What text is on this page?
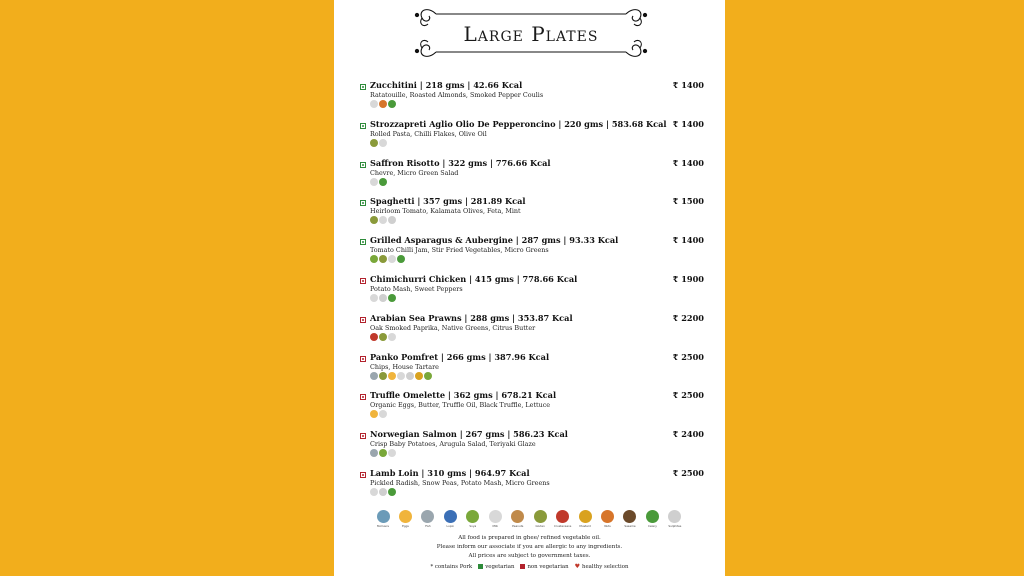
Large Plates
Zucchitini | 218 gms | 42.66 Kcal
Ratatouille, Roasted Almonds, Smoked Pepper Coulis
₹ 1400
Strozzapreti Aglio Olio De Pepperoncino | 220 gms | 583.68 Kcal
Rolled Pasta, Chilli Flakes, Olive Oil
₹ 1400
Saffron Risotto | 322 gms | 776.66 Kcal
Chevre, Micro Green Salad
₹ 1400
Spaghetti | 357 gms | 281.89 Kcal
Heirloom Tomato, Kalamata Olives, Feta, Mint
₹ 1500
Grilled Asparagus & Aubergine | 287 gms | 93.33 Kcal
Tomato Chilli Jam, Stir Fried Vegetables, Micro Greens
₹ 1400
Chimichurri Chicken | 415 gms | 778.66 Kcal
Potato Mash, Sweet Peppers
₹ 1900
Arabian Sea Prawns | 288 gms | 353.87 Kcal
Oak Smoked Paprika, Native Greens, Citrus Butter
₹ 2200
Panko Pomfret | 266 gms | 387.96 Kcal
Chips, House Tartare
₹ 2500
Truffle Omelette | 362 gms | 678.21 Kcal
Organic Eggs, Butter, Truffle Oil, Black Truffle, Lettuce
₹ 2500
Norwegian Salmon | 267 gms | 586.23 Kcal
Crisp Baby Potatoes, Arugula Salad, Teriyaki Glaze
₹ 2400
Lamb Loin | 310 gms | 964.97 Kcal
Pickled Radish, Snow Peas, Potato Mash, Micro Greens
₹ 2500
Molluscs	Eggs	Fish	Lupin	Soya	Milk	Peanuts	Gluten	Crustaceans	Mustard	Nuts	Sesame	Celery	Sulphites
All food is prepared in ghee/ refined vegetable oil.
Please inform our associate if you are allergic to any ingredients.
All prices are subject to government taxes.
* contains Pork vegetarian non vegetarian ♥ healthy selection
